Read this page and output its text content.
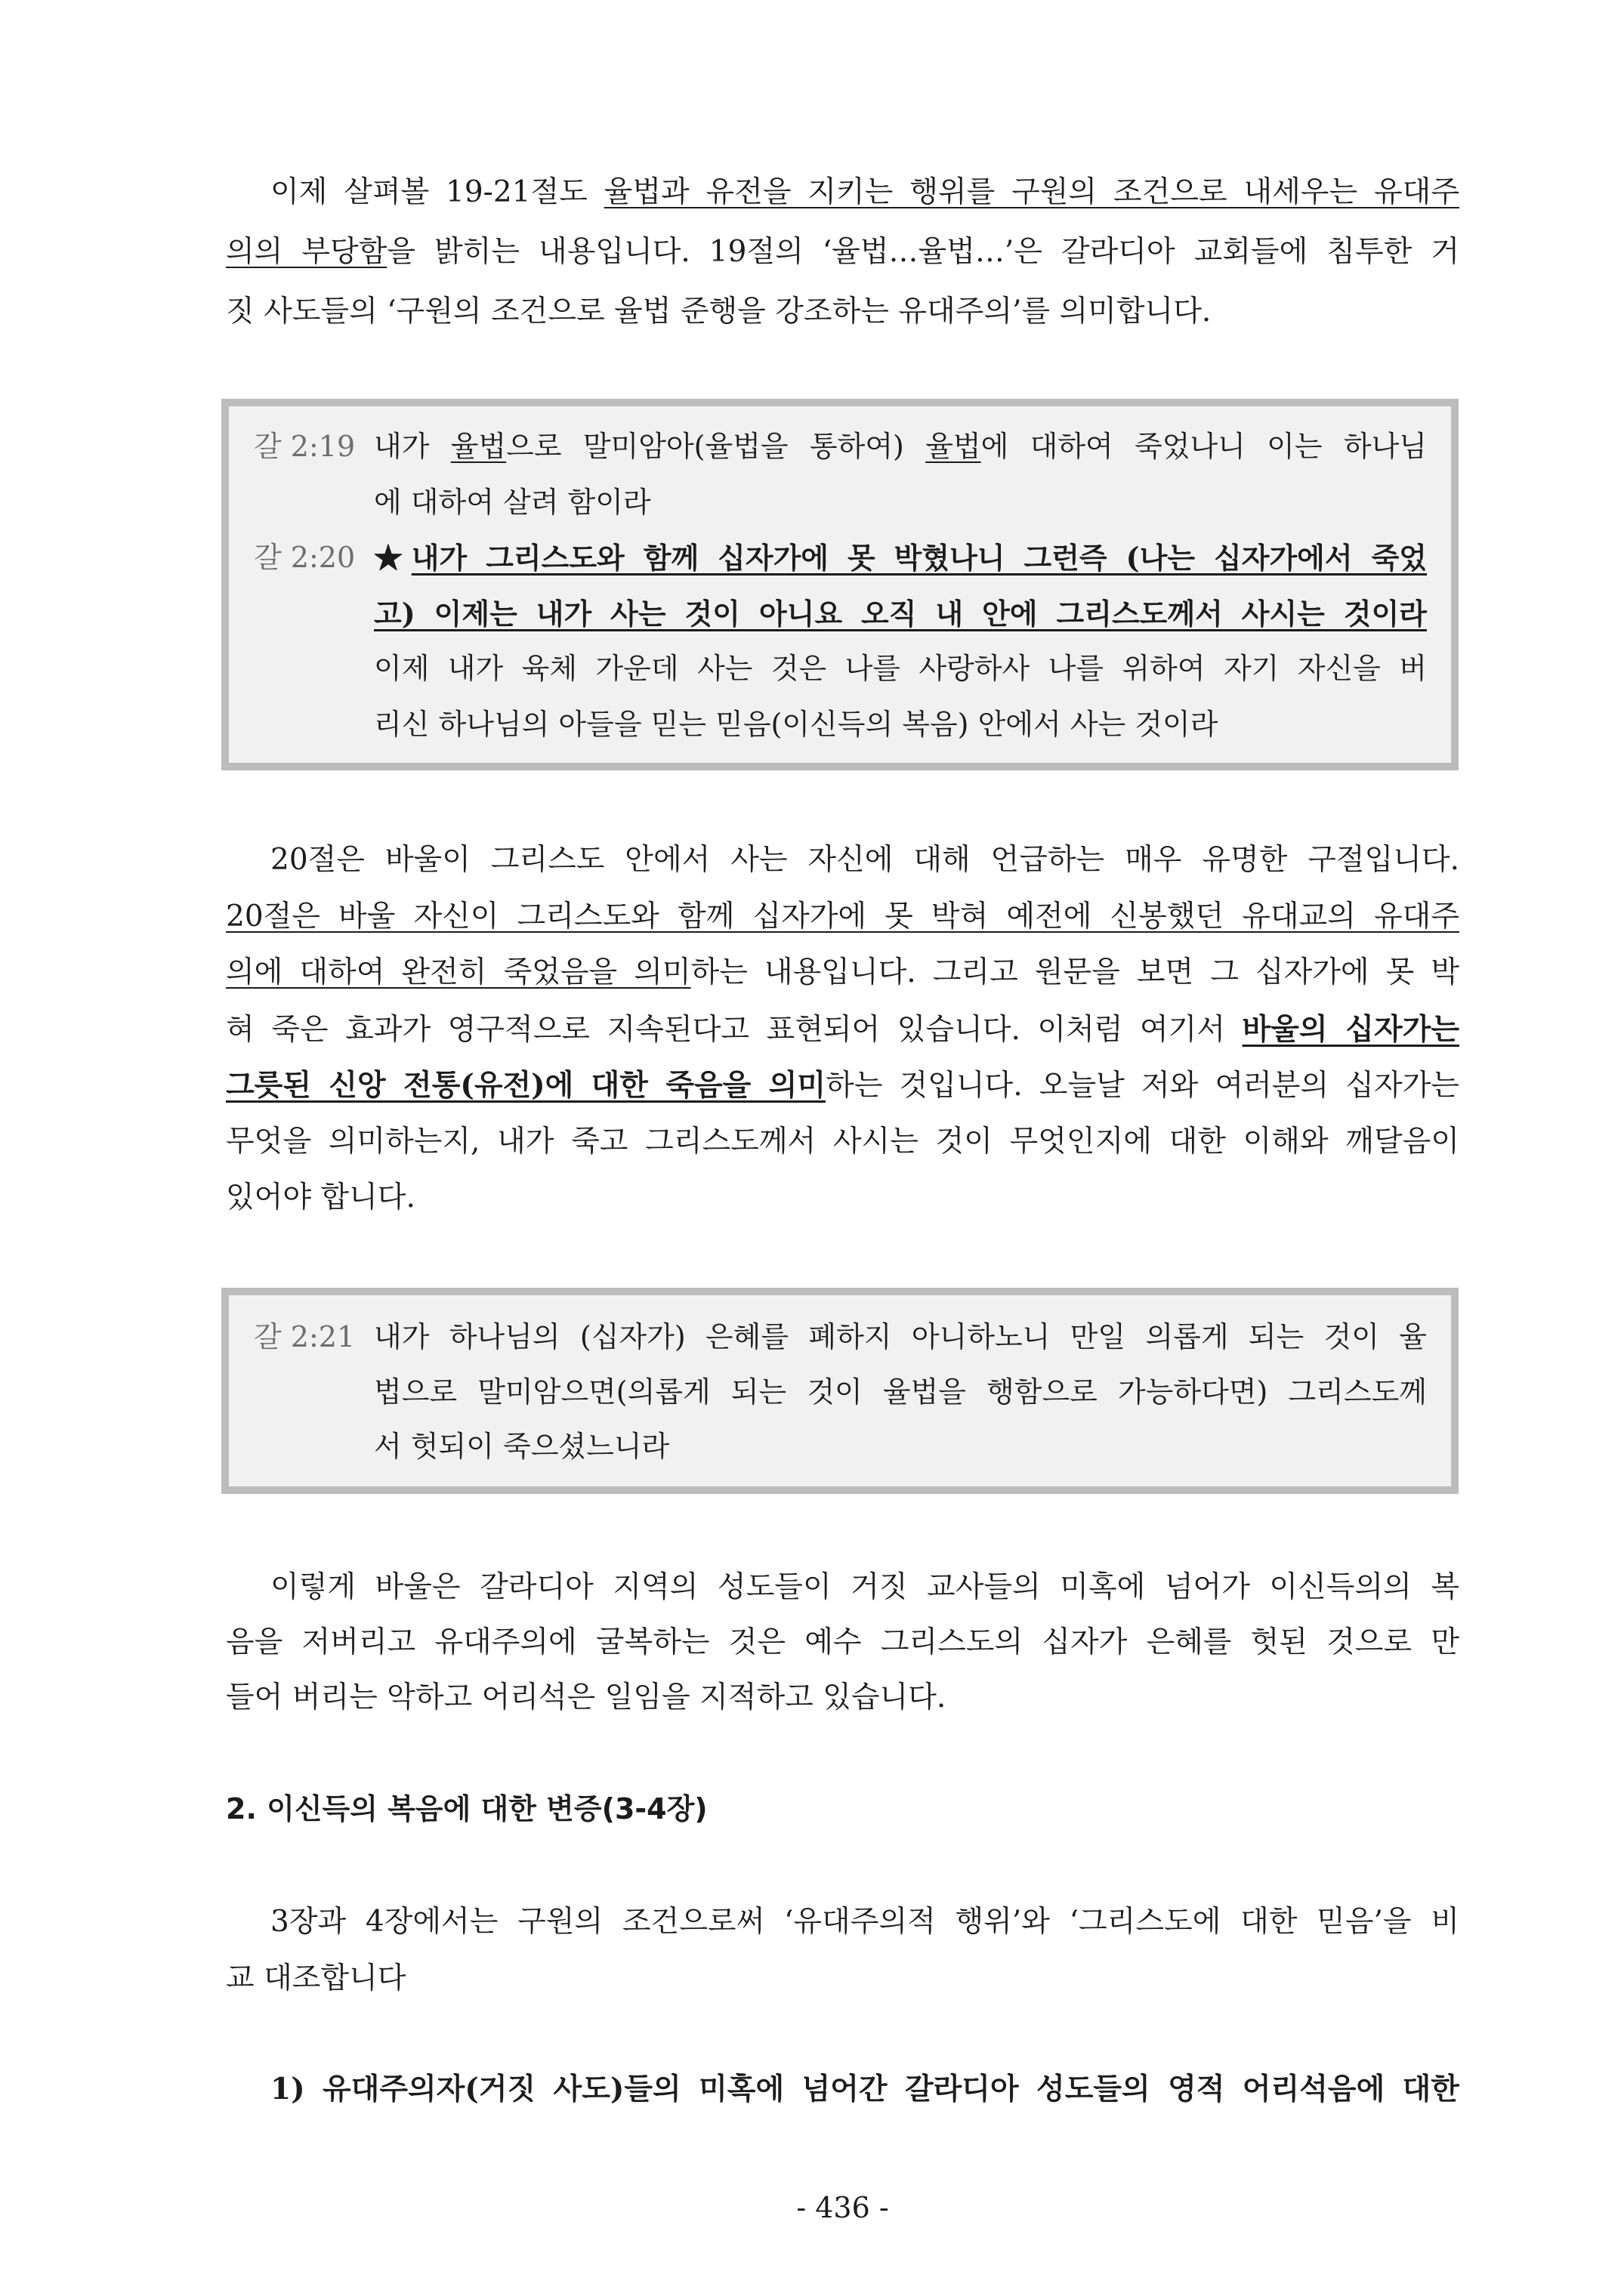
이제 살펴볼 19-21절도 율법과 유전을 지키는 행위를 구원의 조건으로 내세우는 유대주
의의 부당함을 밝히는 내용입니다. 19절의 ‘율법…율법…’은 갈라디아 교회들에 침투한 거
짓 사도들의 ‘구원의 조건으로 율법 준행을 강조하는 유대주의’를 의미합니다.
갈 2:19 내가 율법으로 말미암아(율법을 통하여) 율법에 대하여 죽었나니 이는 하나님
에 대하여 살려 함이라
갈 2:20 ★내가 그리스도와 함께 십자가에 못 박혔나니 그런즉 (나는 십자가에서 죽었
고) 이제는 내가 사는 것이 아니요 오직 내 안에 그리스도께서 사시는 것이라
이제 내가 육체 가운데 사는 것은 나를 사랑하사 나를 위하여 자기 자신을 버
리신 하나님의 아들을 믿는 믿음(이신득의 복음) 안에서 사는 것이라
20절은 바울이 그리스도 안에서 사는 자신에 대해 언급하는 매우 유명한 구절입니다.
20절은 바울 자신이 그리스도와 함께 십자가에 못 박혀 예전에 신봉했던 유대교의 유대주
의에 대하여 완전히 죽었음을 의미하는 내용입니다. 그리고 원문을 보면 그 십자가에 못 박
혀 죽은 효과가 영구적으로 지속된다고 표현되어 있습니다. 이처럼 여기서 바울의 십자가는
그릇된 신앙 전통(유전)에 대한 죽음을 의미하는 것입니다. 오늘날 저와 여러분의 십자가는
무엇을 의미하는지, 내가 죽고 그리스도께서 사시는 것이 무엇인지에 대한 이해와 깨달음이
있어야 합니다.
갈 2:21 내가 하나님의 (십자가) 은혜를 폐하지 아니하노니 만일 의롭게 되는 것이 율
법으로 말미암으면(의롭게 되는 것이 율법을 행함으로 가능하다면) 그리스도께
서 헛되이 죽으셨느니라
이렇게 바울은 갈라디아 지역의 성도들이 거짓 교사들의 미혹에 넘어가 이신득의의 복
음을 저버리고 유대주의에 굴복하는 것은 예수 그리스도의 십자가 은혜를 헛된 것으로 만
들어 버리는 악하고 어리석은 일임을 지적하고 있습니다.
2. 이신득의 복음에 대한 변증(3-4장)
3장과 4장에서는 구원의 조건으로써 ‘유대주의적 행위’와 ‘그리스도에 대한 믿음’을 비
교 대조합니다
1) 유대주의자(거짓 사도)들의 미혹에 넘어간 갈라디아 성도들의 영적 어리석음에 대한
- 436 -
